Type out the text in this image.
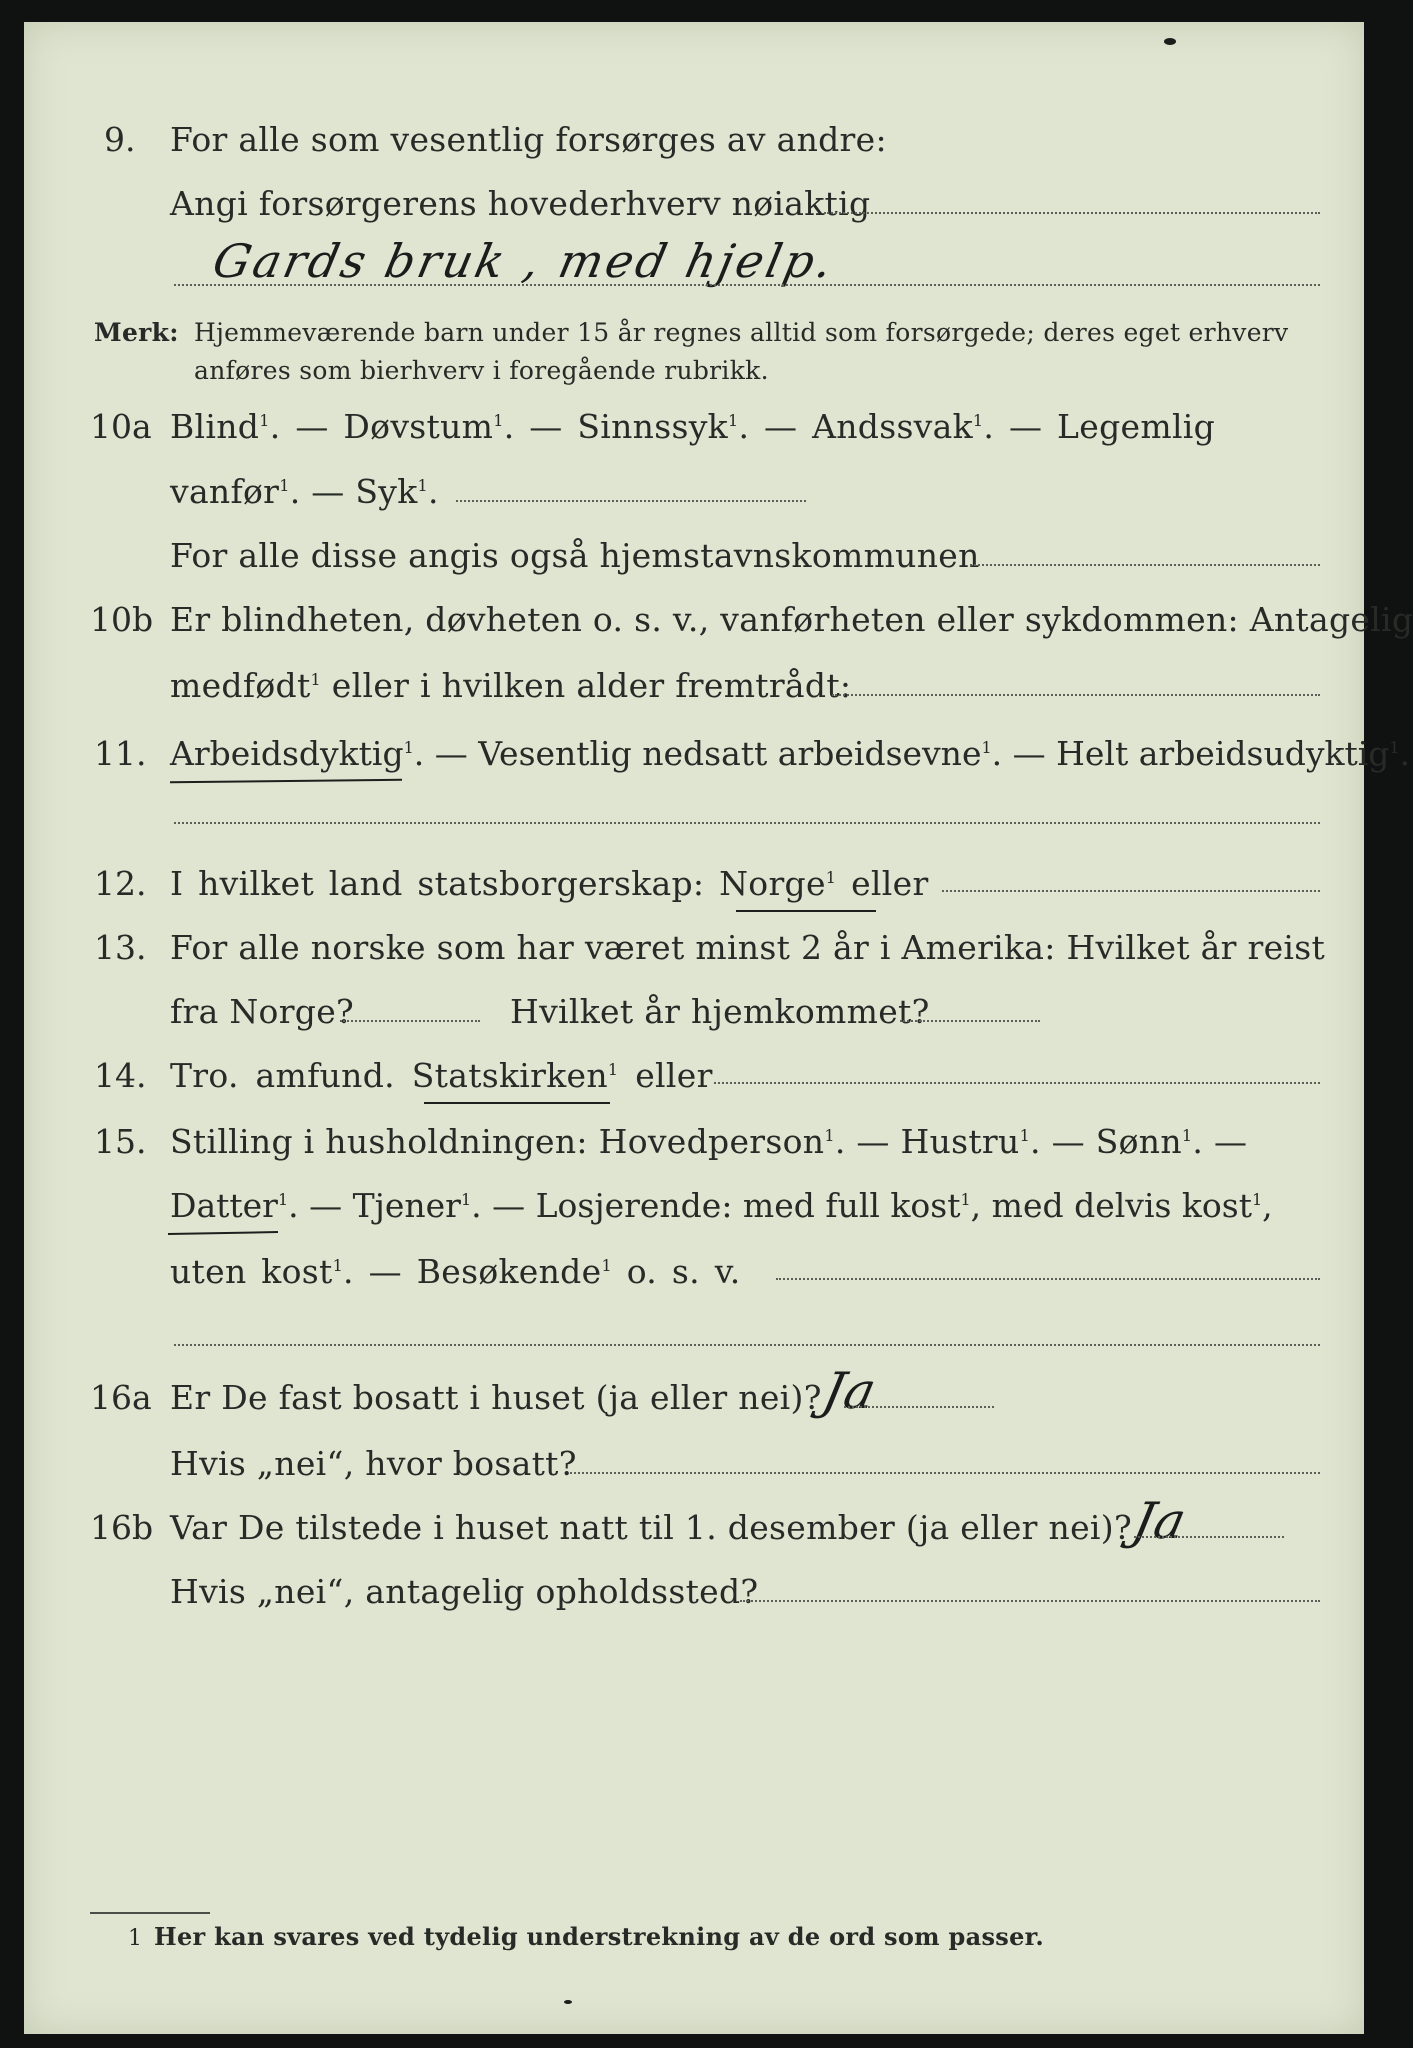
9. For alle som vesentlig forsørges av andre:
Angi forsørgerens hovederhverv nøiaktig
Gards bruk , med hjelp.
Merk: Hjemmeværende barn under 15 år regnes alltid som forsørgede; deres eget erhverv
anføres som bierhverv i foregående rubrikk.
10a Blind$^1$. — Døvstum$^1$. — Sinnssyk$^1$. — Andssvak$^1$. — Legemlig
vanfør$^1$. — Syk$^1$.
For alle disse angis også hjemstavnskommunen
10b Er blindheten, døvheten o. s. v., vanførheten eller sykdommen: Antagelig
medfødt$^1$ eller i hvilken alder fremtrådt:
11. Arbeidsdyktig$^1$. — Vesentlig nedsatt arbeidsevne$^1$. — Helt arbeidsudyktig$^1$.
12. I hvilket land statsborgerskap: Norge$^1$ eller
13. For alle norske som har været minst 2 år i Amerika: Hvilket år reist
fra Norge?	Hvilket år hjemkommet?
14. Tro. amfund. Statskirken$^1$ eller
15. Stilling i husholdningen: Hovedperson$^1$. — Hustru$^1$. — Sønn$^1$. —
Datter$^1$. — Tjener$^1$. — Losjerende: med full kost$^1$, med delvis kost$^1$,
uten kost$^1$. — Besøkende$^1$ o. s. v.
16a Er De fast bosatt i huset (ja eller nei)?
Ja
Hvis „nei“, hvor bosatt?
16b Var De tilstede i huset natt til 1. desember (ja eller nei)?
Ja
Hvis „nei“, antagelig opholdssted?
1 Her kan svares ved tydelig understrekning av de ord som passer.
